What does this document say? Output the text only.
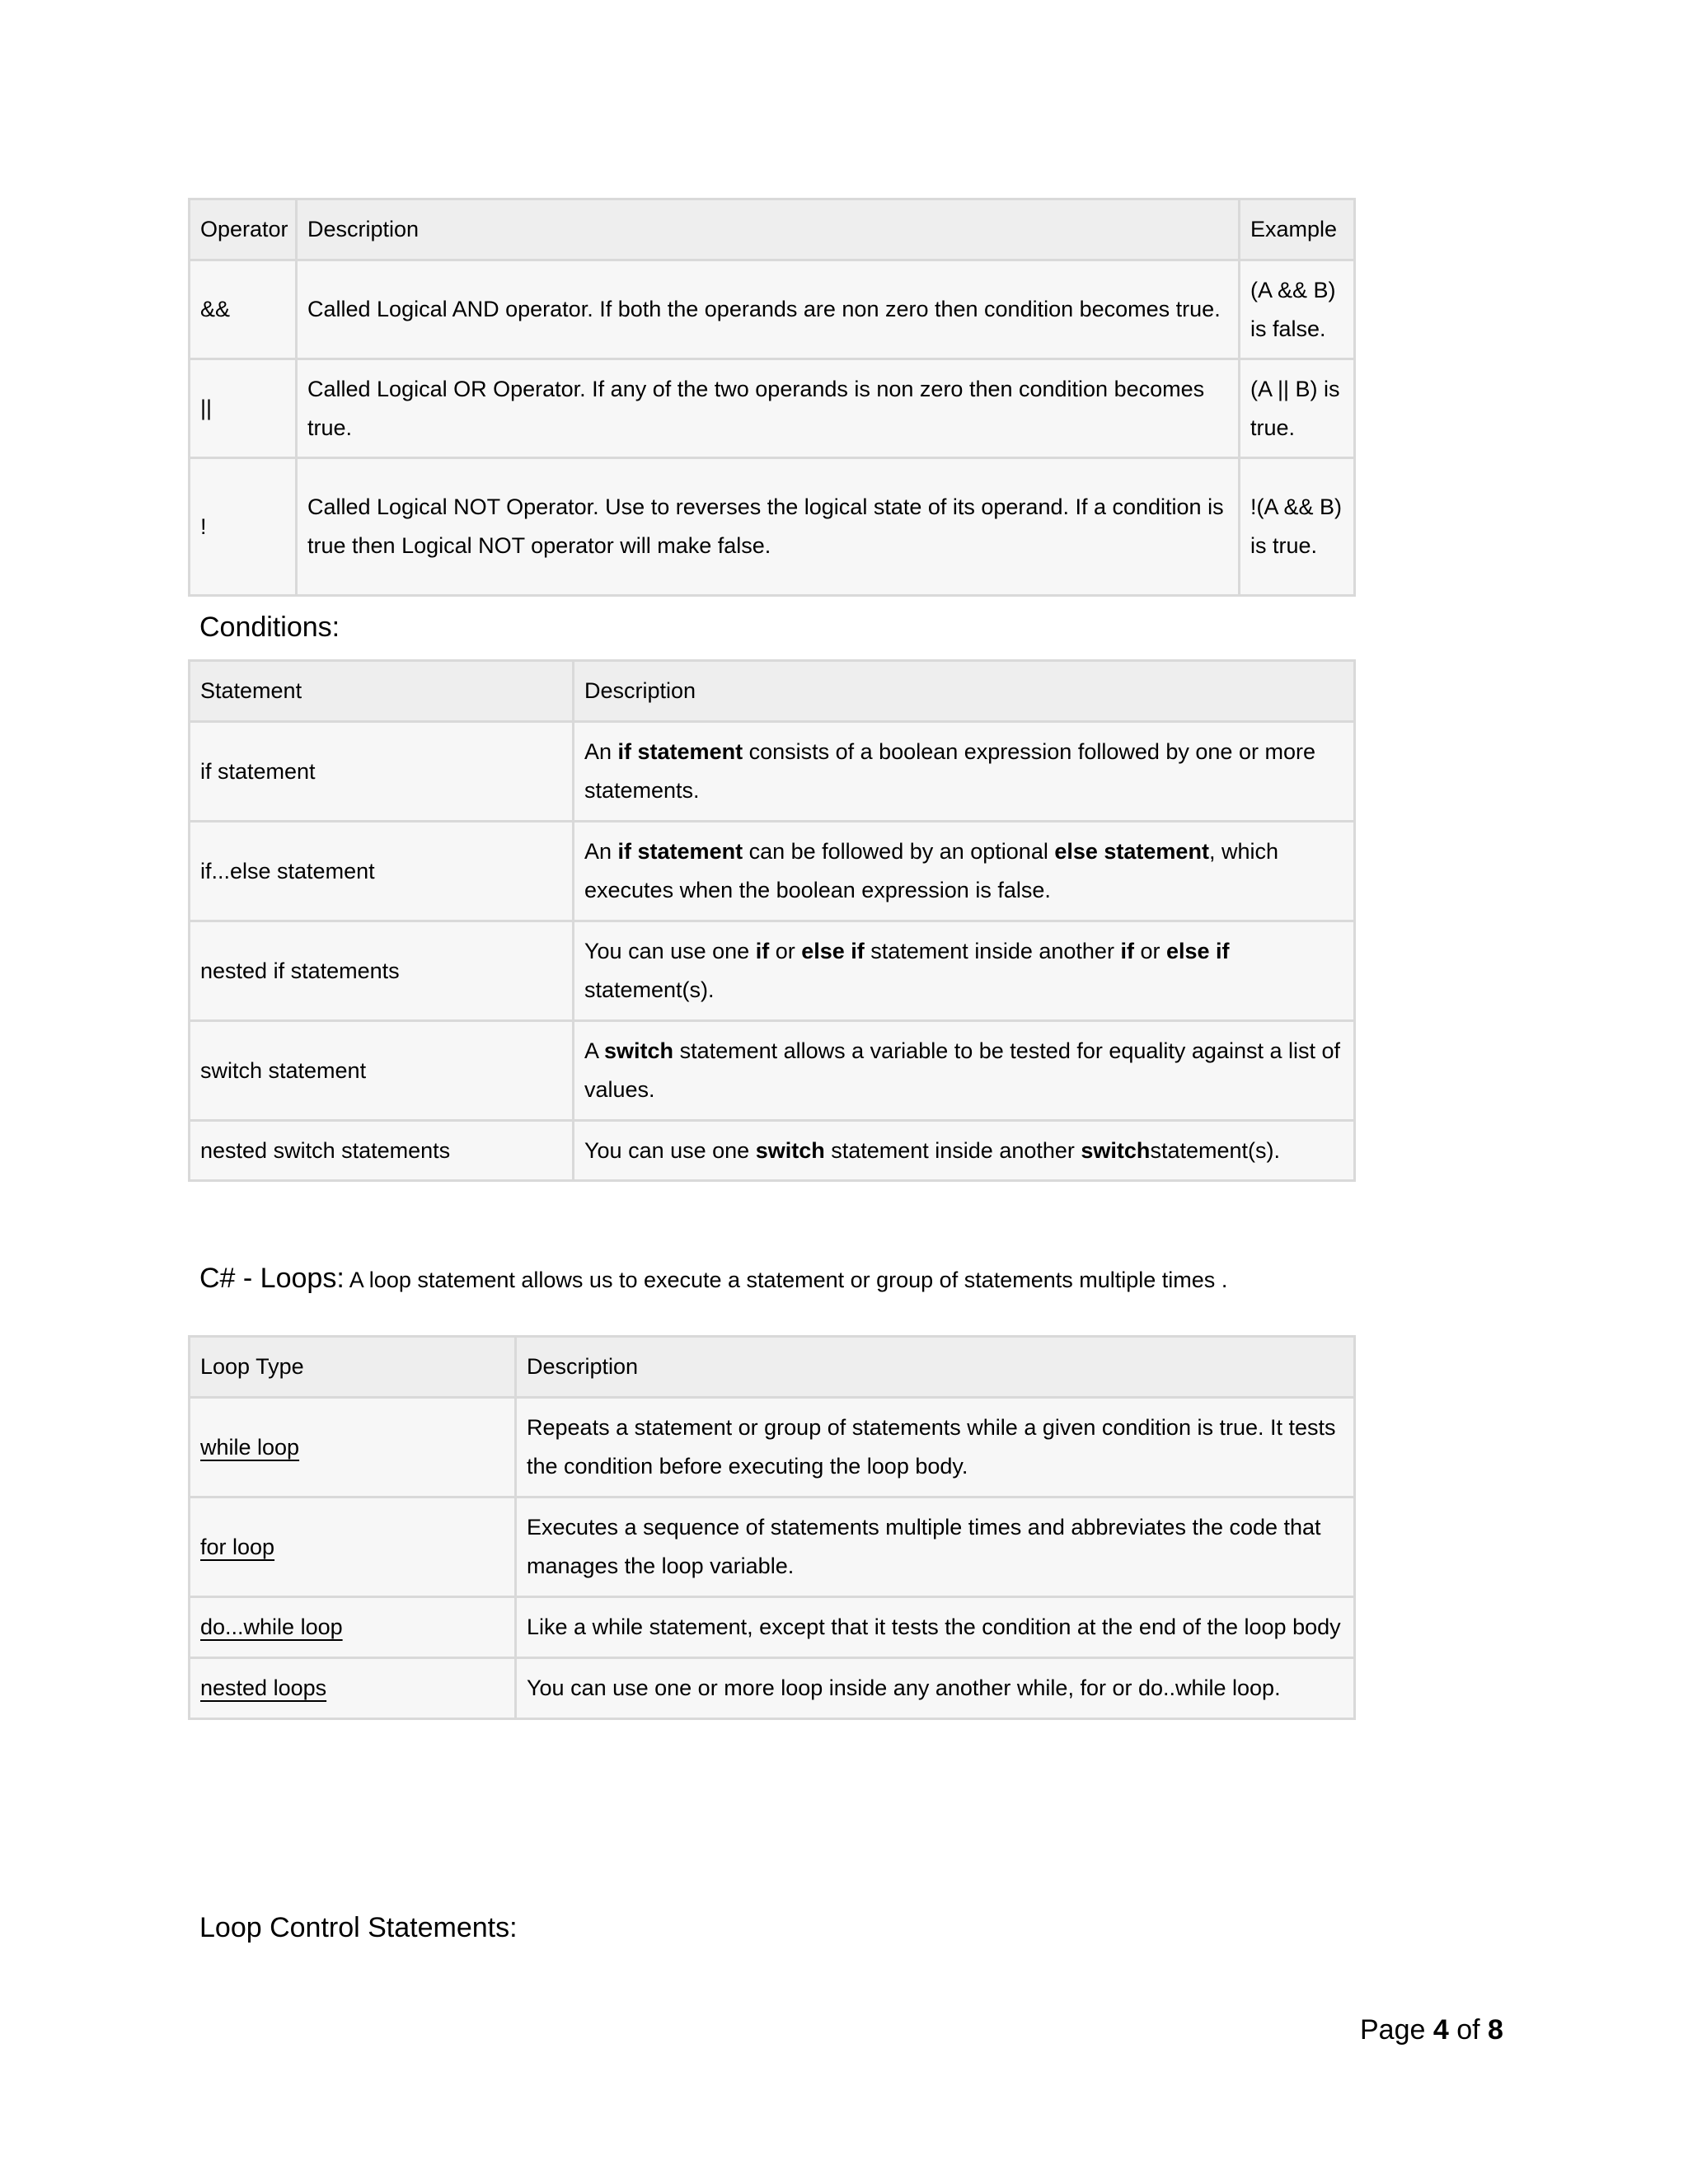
Operator	Description	Example
&&	Called Logical AND operator. If both the operands are non zero then condition becomes true.	(A && B) is false.
||	Called Logical OR Operator. If any of the two operands is non zero then condition becomes true.	(A || B) is true.
!	Called Logical NOT Operator. Use to reverses the logical state of its operand. If a condition is true then Logical NOT operator will make false.	!(A && B) is true.
Conditions:
Statement	Description
if statement	An if statement consists of a boolean expression followed by one or more statements.
if...else statement	An if statement can be followed by an optional else statement, which executes when the boolean expression is false.
nested if statements	You can use one if or else if statement inside another if or else if statement(s).
switch statement	A switch statement allows a variable to be tested for equality against a list of values.
nested switch statements	You can use one switch statement inside another switchstatement(s).
C# - Loops: A loop statement allows us to execute a statement or group of statements multiple times .
Loop Type	Description
while loop	Repeats a statement or group of statements while a given condition is true. It tests the condition before executing the loop body.
for loop	Executes a sequence of statements multiple times and abbreviates the code that manages the loop variable.
do...while loop	Like a while statement, except that it tests the condition at the end of the loop body
nested loops	You can use one or more loop inside any another while, for or do..while loop.
Loop Control Statements:
Page 4 of 8
